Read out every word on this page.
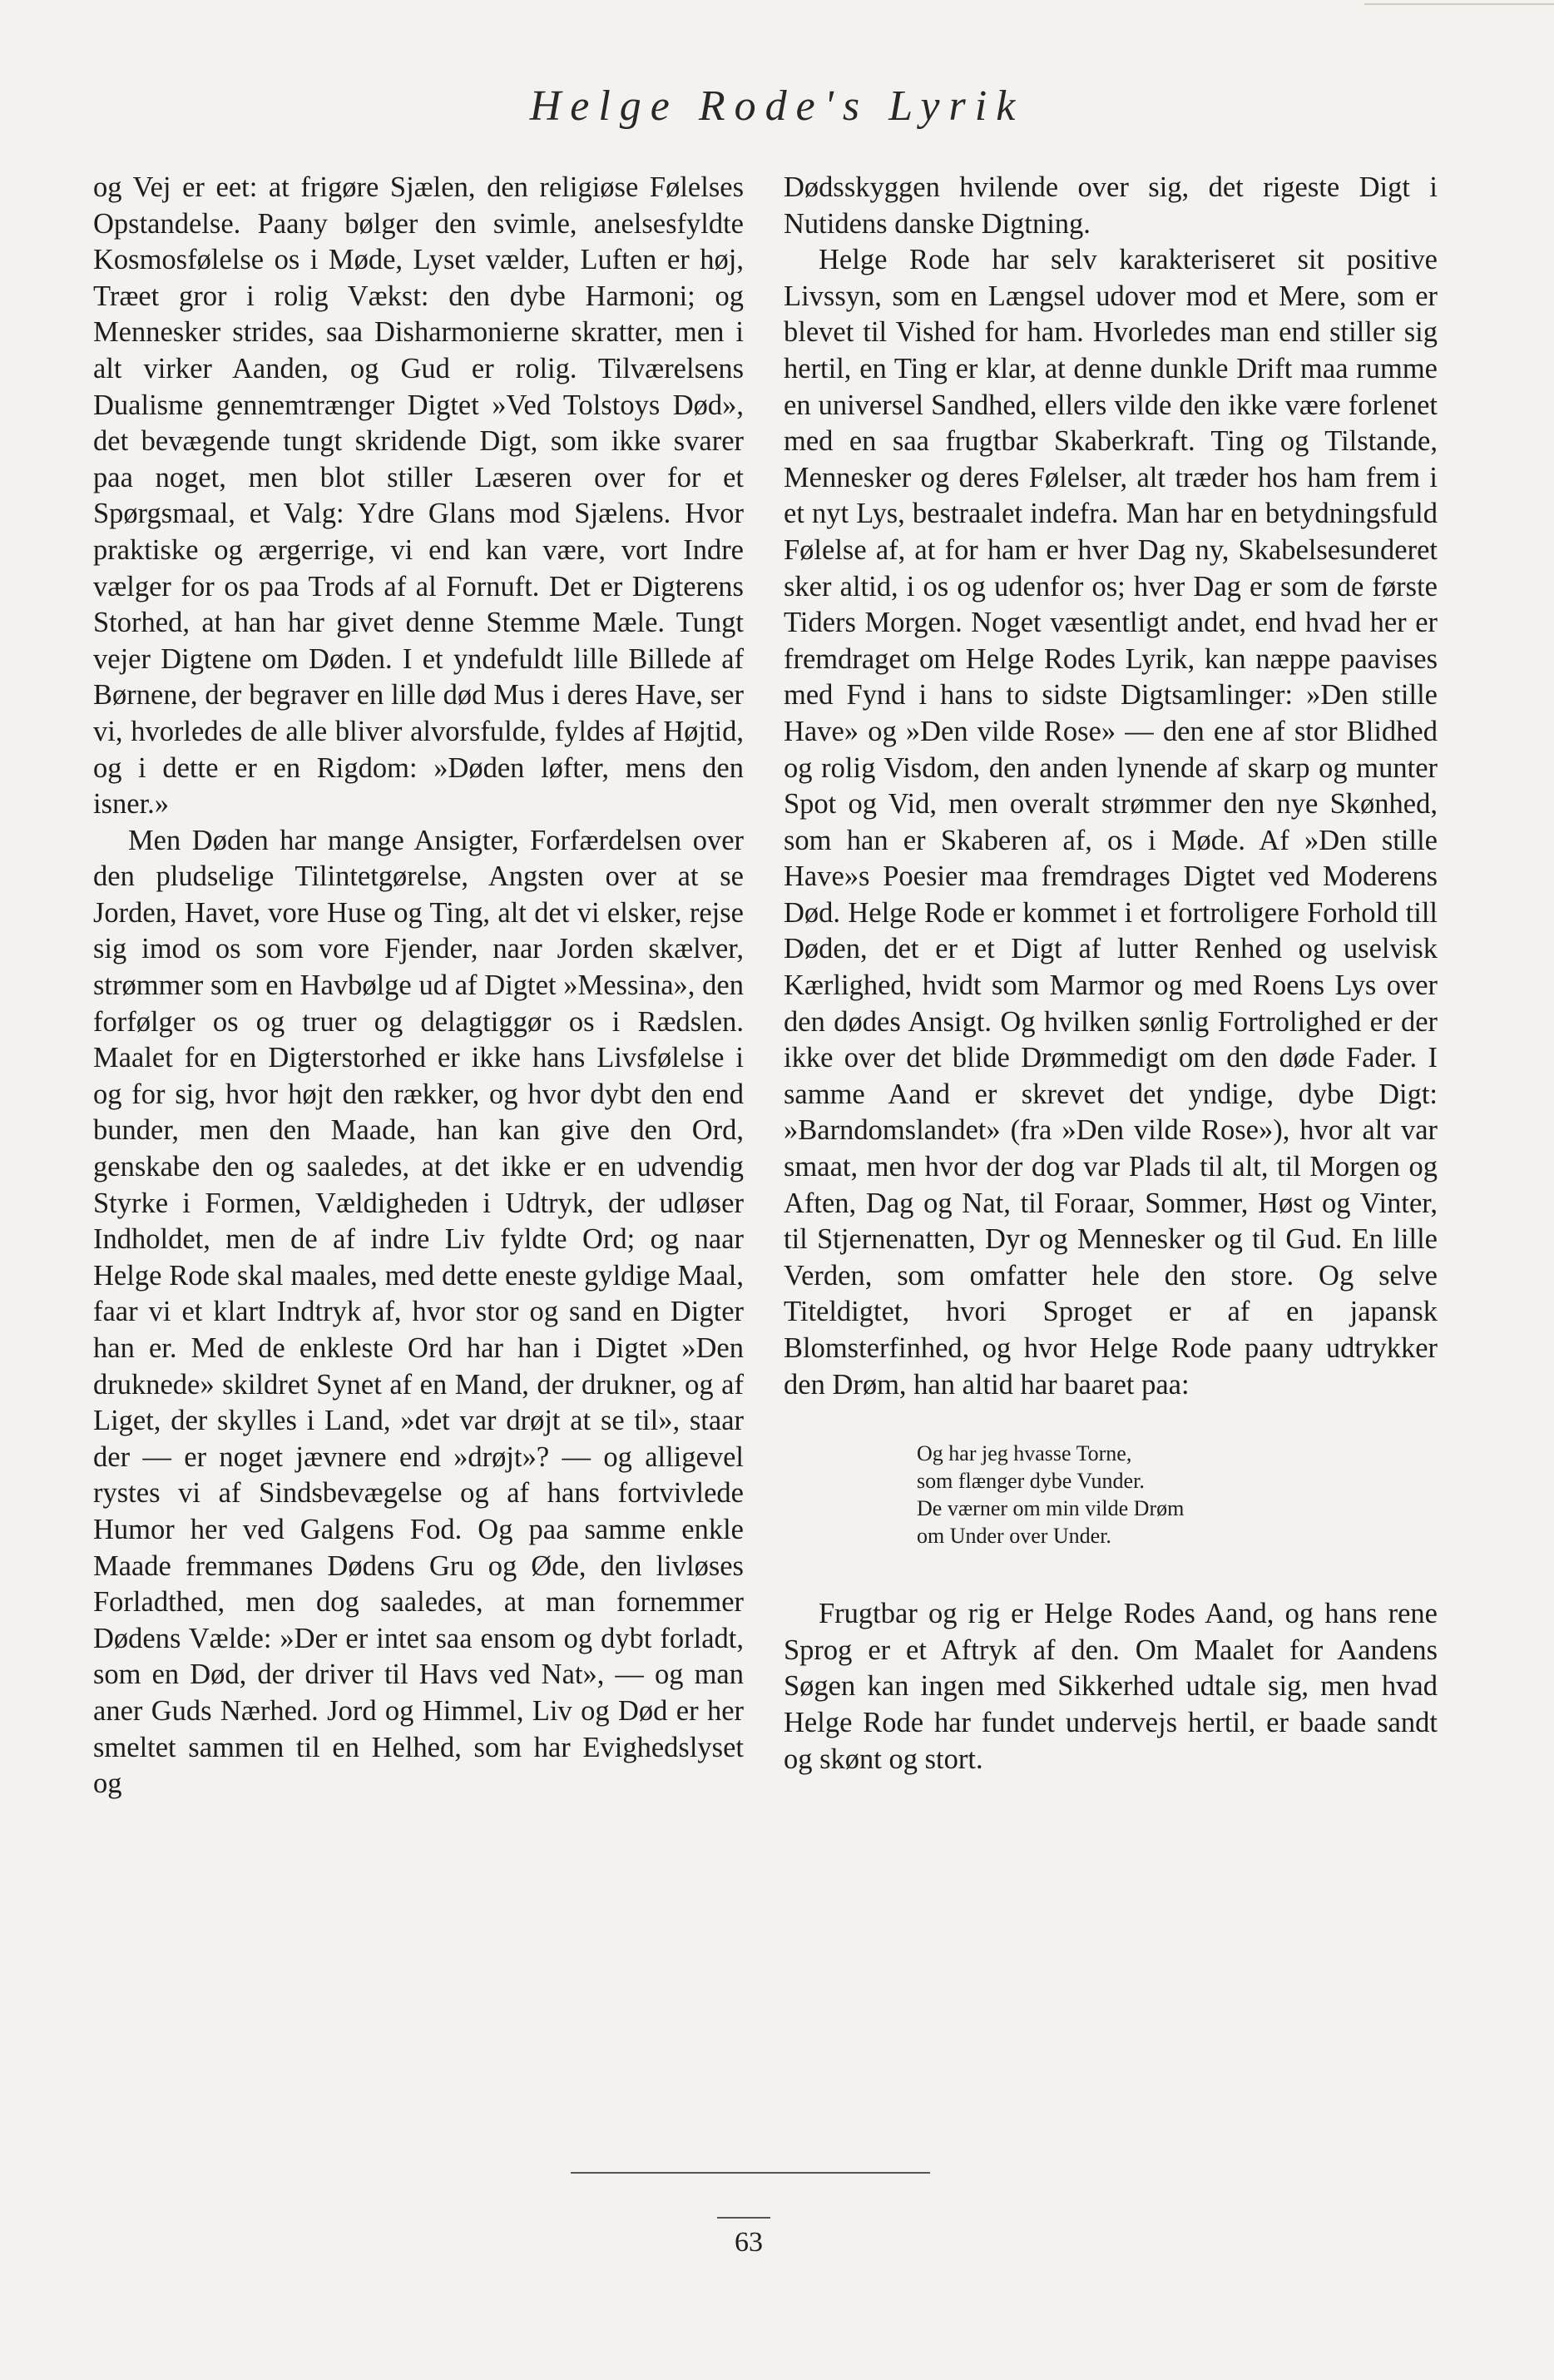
Helge Rode's Lyrik

og Vej er eet: at frigøre Sjælen, den religiøse Følelses Opstandelse. Paany bølger den svimle, anelsesfyldte Kosmosfølelse os i Møde, Lyset vælder, Luften er høj, Træet gror i rolig Vækst: den dybe Harmoni; og Mennesker strides, saa Disharmonierne skratter, men i alt virker Aanden, og Gud er rolig. Tilværelsens Dualisme gennemtrænger Digtet »Ved Tolstoys Død», det bevægende tungt skridende Digt, som ikke svarer paa noget, men blot stiller Læseren over for et Spørgsmaal, et Valg: Ydre Glans mod Sjælens. Hvor praktiske og ærgerrige, vi end kan være, vort Indre vælger for os paa Trods af al Fornuft. Det er Digterens Storhed, at han har givet denne Stemme Mæle. Tungt vejer Digtene om Døden. I et yndefuldt lille Billede af Børnene, der begraver en lille død Mus i deres Have, ser vi, hvorledes de alle bliver alvorsfulde, fyldes af Højtid, og i dette er en Rigdom: »Døden løfter, mens den isner.»

Men Døden har mange Ansigter, Forfærdelsen over den pludselige Tilintetgørelse, Angsten over at se Jorden, Havet, vore Huse og Ting, alt det vi elsker, rejse sig imod os som vore Fjender, naar Jorden skælver, strømmer som en Havbølge ud af Digtet »Messina», den forfølger os og truer og delagtiggør os i Rædslen. Maalet for en Digterstorhed er ikke hans Livsfølelse i og for sig, hvor højt den rækker, og hvor dybt den end bunder, men den Maade, han kan give den Ord, genskabe den og saaledes, at det ikke er en udvendig Styrke i Formen, Vældigheden i Udtryk, der udløser Indholdet, men de af indre Liv fyldte Ord; og naar Helge Rode skal maales, med dette eneste gyldige Maal, faar vi et klart Indtryk af, hvor stor og sand en Digter han er. Med de enkleste Ord har han i Digtet »Den druknede» skildret Synet af en Mand, der drukner, og af Liget, der skylles i Land, »det var drøjt at se til», staar der — er noget jævnere end »drøjt»? — og alligevel rystes vi af Sindsbevægelse og af hans fortvivlede Humor her ved Galgens Fod. Og paa samme enkle Maade fremmanes Dødens Gru og Øde, den livløses Forladthed, men dog saaledes, at man fornemmer Dødens Vælde: »Der er intet saa ensom og dybt forladt, som en Død, der driver til Havs ved Nat», — og man aner Guds Nærhed. Jord og Himmel, Liv og Død er her smeltet sammen til en Helhed, som har Evighedslyset og

Dødsskyggen hvilende over sig, det rigeste Digt i Nutidens danske Digtning.

Helge Rode har selv karakteriseret sit positive Livssyn, som en Længsel udover mod et Mere, som er blevet til Vished for ham. Hvorledes man end stiller sig hertil, en Ting er klar, at denne dunkle Drift maa rumme en universel Sandhed, ellers vilde den ikke være forlenet med en saa frugtbar Skaberkraft. Ting og Tilstande, Mennesker og deres Følelser, alt træder hos ham frem i et nyt Lys, bestraalet indefra. Man har en betydningsfuld Følelse af, at for ham er hver Dag ny, Skabelsesunderet sker altid, i os og udenfor os; hver Dag er som de første Tiders Morgen. Noget væsentligt andet, end hvad her er fremdraget om Helge Rodes Lyrik, kan næppe paavises med Fynd i hans to sidste Digtsamlinger: »Den stille Have» og »Den vilde Rose» — den ene af stor Blidhed og rolig Visdom, den anden lynende af skarp og munter Spot og Vid, men overalt strømmer den nye Skønhed, som han er Skaberen af, os i Møde. Af »Den stille Have»s Poesier maa fremdrages Digtet ved Moderens Død. Helge Rode er kommet i et fortroligere Forhold till Døden, det er et Digt af lutter Renhed og uselvisk Kærlighed, hvidt som Marmor og med Roens Lys over den dødes Ansigt. Og hvilken sønlig Fortrolighed er der ikke over det blide Drømmedigt om den døde Fader. I samme Aand er skrevet det yndige, dybe Digt: »Barndomslandet» (fra »Den vilde Rose»), hvor alt var smaat, men hvor der dog var Plads til alt, til Morgen og Aften, Dag og Nat, til Foraar, Sommer, Høst og Vinter, til Stjernenatten, Dyr og Mennesker og til Gud. En lille Verden, som omfatter hele den store. Og selve Titeldigtet, hvori Sproget er af en japansk Blomsterfinhed, og hvor Helge Rode paany udtrykker den Drøm, han altid har baaret paa:

Og har jeg hvasse Torne,
som flænger dybe Vunder.
De værner om min vilde Drøm
om Under over Under.

Frugtbar og rig er Helge Rodes Aand, og hans rene Sprog er et Aftryk af den. Om Maalet for Aandens Søgen kan ingen med Sikkerhed udtale sig, men hvad Helge Rode har fundet undervejs hertil, er baade sandt og skønt og stort.

63
